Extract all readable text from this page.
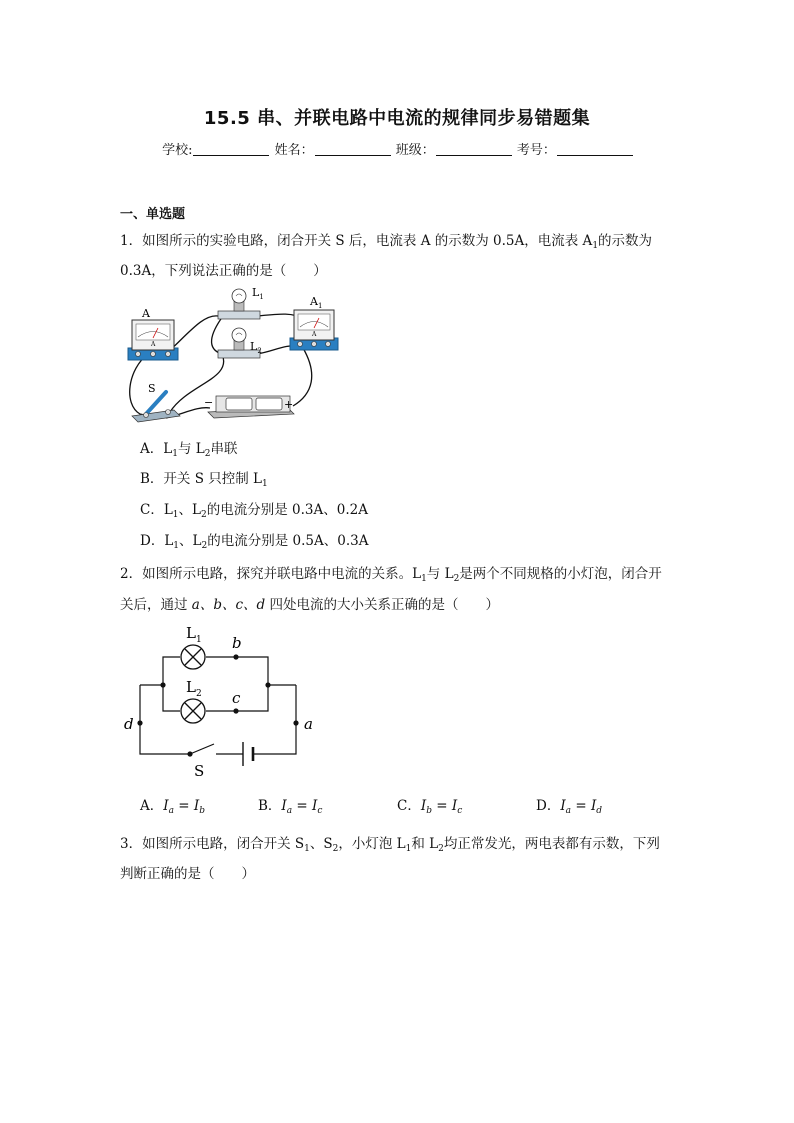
15.5 串、并联电路中电流的规律同步易错题集
学校:	姓名：	班级：	考号：
一、单选题
1．如图所示的实验电路，闭合开关 S 后，电流表 A 的示数为 0.5A，电流表 $A_1$的示数为
0.3A，下列说法正确的是（　　）
A
A
A
$A_1$
$L_1$
$L_2$
S
−	+
A．$L_1$与 $L_2$串联
B．开关 S 只控制 $L_1$
C．$L_1$、$L_2$的电流分别是 0.3A、0.2A
D．$L_1$、$L_2$的电流分别是 0.5A、0.3A
2．如图所示电路，探究并联电路中电流的关系。$L_1$与 $L_2$是两个不同规格的小灯泡，闭合开
关后，通过 a、b、c、d 四处电流的大小关系正确的是（　　）
$L_1$
$L_2$
b
c
d	a
S
A．$I_a = I_b$	B．$I_a = I_c$	C．$I_b = I_c$	D．$I_a = I_d$
3．如图所示电路，闭合开关 $S_1$、$S_2$，小灯泡 $L_1$和 $L_2$均正常发光，两电表都有示数，下列
判断正确的是（　　）
